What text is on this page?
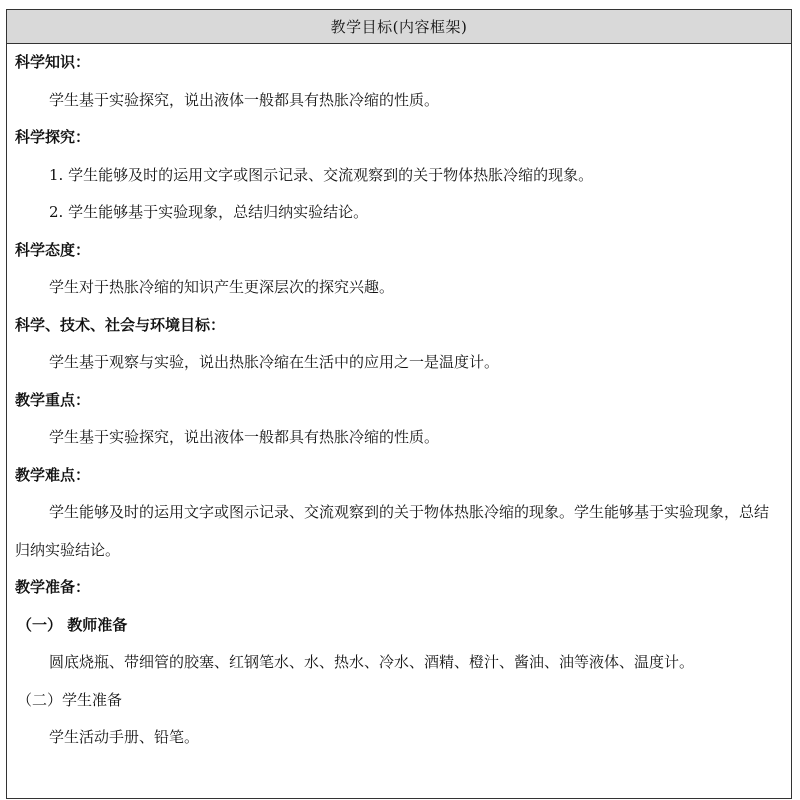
教学目标(内容框架)
科学知识：
学生基于实验探究，说出液体一般都具有热胀冷缩的性质。
科学探究：
1. 学生能够及时的运用文字或图示记录、交流观察到的关于物体热胀冷缩的现象。
2. 学生能够基于实验现象，总结归纳实验结论。
科学态度：
学生对于热胀冷缩的知识产生更深层次的探究兴趣。
科学、技术、社会与环境目标：
学生基于观察与实验，说出热胀冷缩在生活中的应用之一是温度计。
教学重点：
学生基于实验探究，说出液体一般都具有热胀冷缩的性质。
教学难点：
学生能够及时的运用文字或图示记录、交流观察到的关于物体热胀冷缩的现象。学生能够基于实验现象，总结归纳实验结论。
教学准备：
（一） 教师准备
圆底烧瓶、带细管的胶塞、红钢笔水、水、热水、冷水、酒精、橙汁、酱油、油等液体、温度计。
（二）学生准备
学生活动手册、铅笔。
